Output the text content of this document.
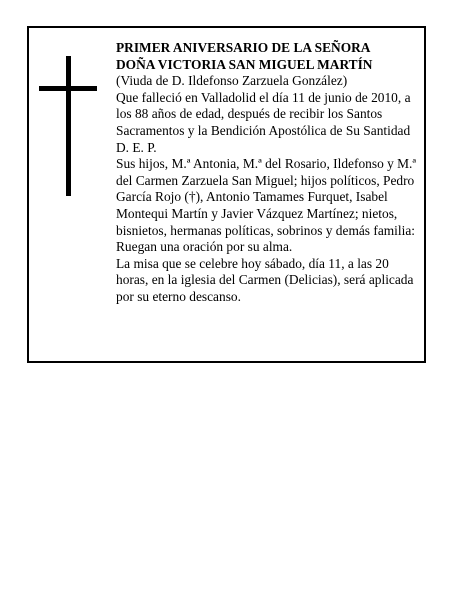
PRIMER ANIVERSARIO DE LA SEÑORA

DOÑA VICTORIA SAN MIGUEL MARTÍN

(Viuda de D. Ildefonso Zarzuela González)

Que falleció en Valladolid el día 11 de junio de 2010, a los 88 años de edad, después de recibir los Santos Sacramentos y la Bendición Apostólica de Su Santidad

D. E. P.

Sus hijos, M.ª Antonia, M.ª del Rosario, Ildefonso y M.ª del Carmen Zarzuela San Miguel; hijos políticos, Pedro García Rojo (†), Antonio Tamames Furquet, Isabel Montequi Martín y Javier Vázquez Martínez; nietos, bisnietos, hermanas políticas, sobrinos y demás familia:

Ruegan una oración por su alma.

La misa que se celebre hoy sábado, día 11, a las 20 horas, en la iglesia del Carmen (Delicias), será aplicada por su eterno descanso.
